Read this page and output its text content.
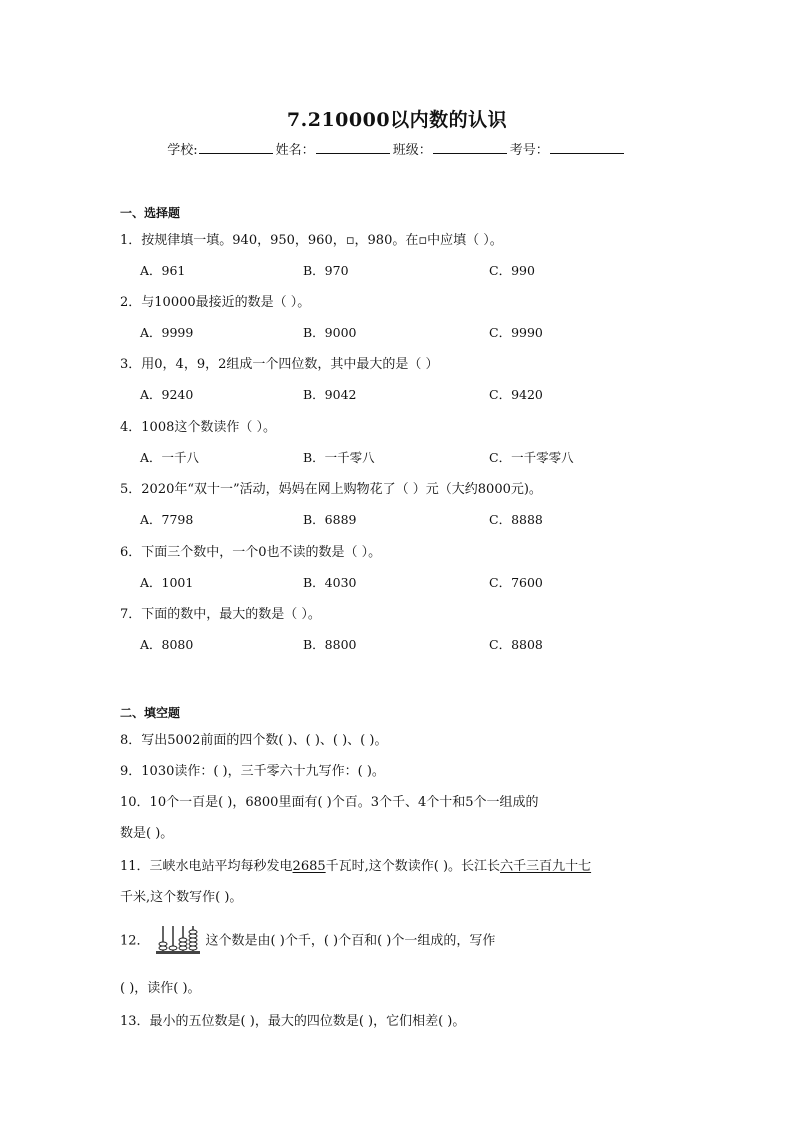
7.210000以内数的认识
学校:	姓名：	班级：	考号：
一、选择题
1．按规律填一填。940，950，960，▫，980。在▫中应填（ ）。
A．961	B．970	C．990
2．与10000最接近的数是（ ）。
A．9999	B．9000	C．9990
3．用0，4，9，2组成一个四位数，其中最大的是（ ）
A．9240	B．9042	C．9420
4．1008这个数读作（ ）。
A．一千八	B．一千零八	C．一千零零八
5．2020年“双十一”活动，妈妈在网上购物花了（ ）元（大约8000元)。
A．7798	B．6889	C．8888
6．下面三个数中，一个0也不读的数是（ ）。
A．1001	B．4030	C．7600
7．下面的数中，最大的数是（ ）。
A．8080	B．8800	C．8808
二、填空题
8．写出5002前面的四个数( )、( )、( )、( )。
9．1030读作：( )，三千零六十九写作：( )。
10．10个一百是( )，6800里面有( )个百。3个千、4个十和5个一组成的
数是( )。
11．三峡水电站平均每秒发电2685千瓦时,这个数读作( )。长江长六千三百九十七
千米,这个数写作( )。
12．	这个数是由( )个千，( )个百和( )个一组成的，写作
( )，读作( )。
13．最小的五位数是( )，最大的四位数是( )，它们相差( )。
